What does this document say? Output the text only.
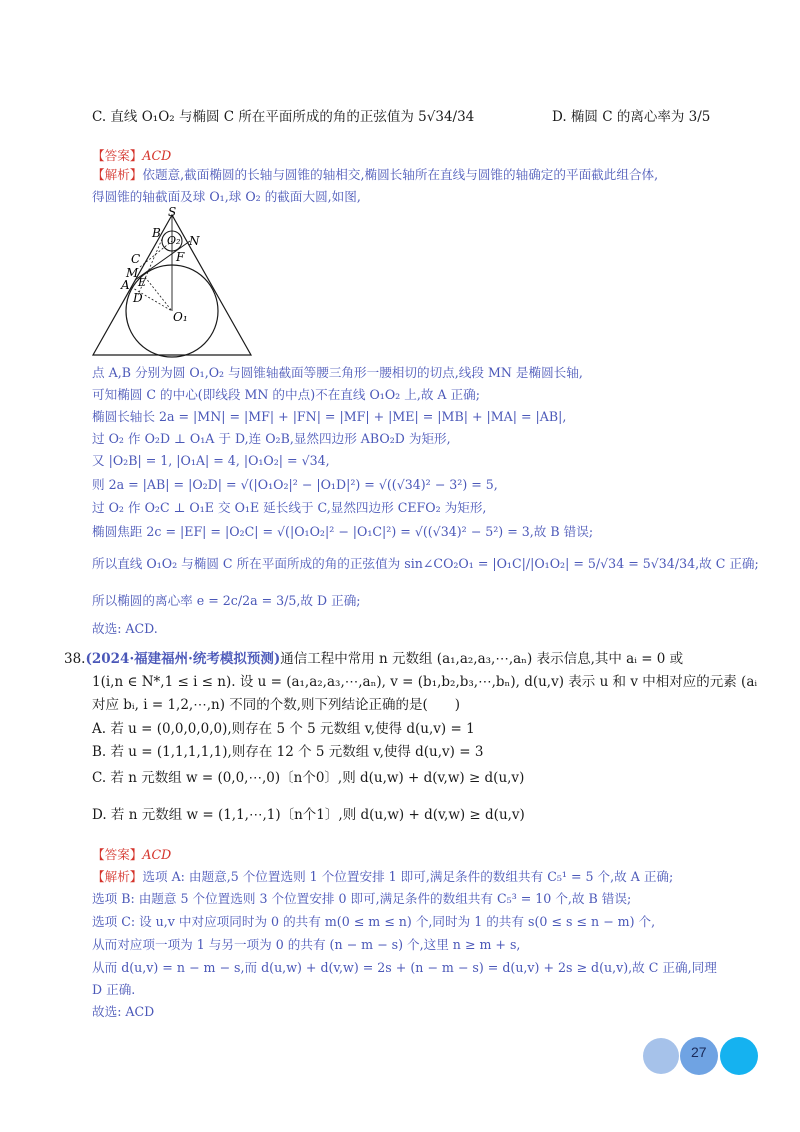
C. 直线 O₁O₂ 与椭圆 C 所在平面所成的角的正弦值为 5√34/34	D. 椭圆 C 的离心率为 3/5
【答案】ACD
【解析】依题意,截面椭圆的长轴与圆锥的轴相交,椭圆长轴所在直线与圆锥的轴确定的平面截此组合体,
得圆锥的轴截面及球 O₁,球 O₂ 的截面大圆,如图,
S
B
O₂ N
F
C
M
E
A
D
O₁
点 A,B 分别为圆 O₁,O₂ 与圆锥轴截面等腰三角形一腰相切的切点,线段 MN 是椭圆长轴,
可知椭圆 C 的中心(即线段 MN 的中点)不在直线 O₁O₂ 上,故 A 正确;
椭圆长轴长 2a = |MN| = |MF| + |FN| = |MF| + |ME| = |MB| + |MA| = |AB|,
过 O₂ 作 O₂D ⊥ O₁A 于 D,连 O₂B,显然四边形 ABO₂D 为矩形,
又 |O₂B| = 1, |O₁A| = 4, |O₁O₂| = √34,
则 2a = |AB| = |O₂D| = √(|O₁O₂|² − |O₁D|²) = √((√34)² − 3²) = 5,
过 O₂ 作 O₂C ⊥ O₁E 交 O₁E 延长线于 C,显然四边形 CEFO₂ 为矩形,
椭圆焦距 2c = |EF| = |O₂C| = √(|O₁O₂|² − |O₁C|²) = √((√34)² − 5²) = 3,故 B 错误;
所以直线 O₁O₂ 与椭圆 C 所在平面所成的角的正弦值为 sin∠CO₂O₁ = |O₁C|/|O₁O₂| = 5/√34 = 5√34/34,故 C 正确;
所以椭圆的离心率 e = 2c/2a = 3/5,故 D 正确;
故选: ACD.
38.(2024·福建福州·统考模拟预测)通信工程中常用 n 元数组 (a₁,a₂,a₃,⋯,aₙ) 表示信息,其中 aᵢ = 0 或
1(i,n ∈ N*,1 ≤ i ≤ n). 设 u = (a₁,a₂,a₃,⋯,aₙ), v = (b₁,b₂,b₃,⋯,bₙ), d(u,v) 表示 u 和 v 中相对应的元素 (aᵢ
对应 bᵢ, i = 1,2,⋯,n) 不同的个数,则下列结论正确的是(　　)
A. 若 u = (0,0,0,0,0),则存在 5 个 5 元数组 v,使得 d(u,v) = 1
B. 若 u = (1,1,1,1,1),则存在 12 个 5 元数组 v,使得 d(u,v) = 3
C. 若 n 元数组 w = (0,0,⋯,0)〔n个0〕,则 d(u,w) + d(v,w) ≥ d(u,v)
D. 若 n 元数组 w = (1,1,⋯,1)〔n个1〕,则 d(u,w) + d(v,w) ≥ d(u,v)
【答案】ACD
【解析】选项 A: 由题意,5 个位置选则 1 个位置安排 1 即可,满足条件的数组共有 C₅¹ = 5 个,故 A 正确;
选项 B: 由题意 5 个位置选则 3 个位置安排 0 即可,满足条件的数组共有 C₅³ = 10 个,故 B 错误;
选项 C: 设 u,v 中对应项同时为 0 的共有 m(0 ≤ m ≤ n) 个,同时为 1 的共有 s(0 ≤ s ≤ n − m) 个,
从而对应项一项为 1 与另一项为 0 的共有 (n − m − s) 个,这里 n ≥ m + s,
从而 d(u,v) = n − m − s,而 d(u,w) + d(v,w) = 2s + (n − m − s) = d(u,v) + 2s ≥ d(u,v),故 C 正确,同理
D 正确.
故选: ACD
27
